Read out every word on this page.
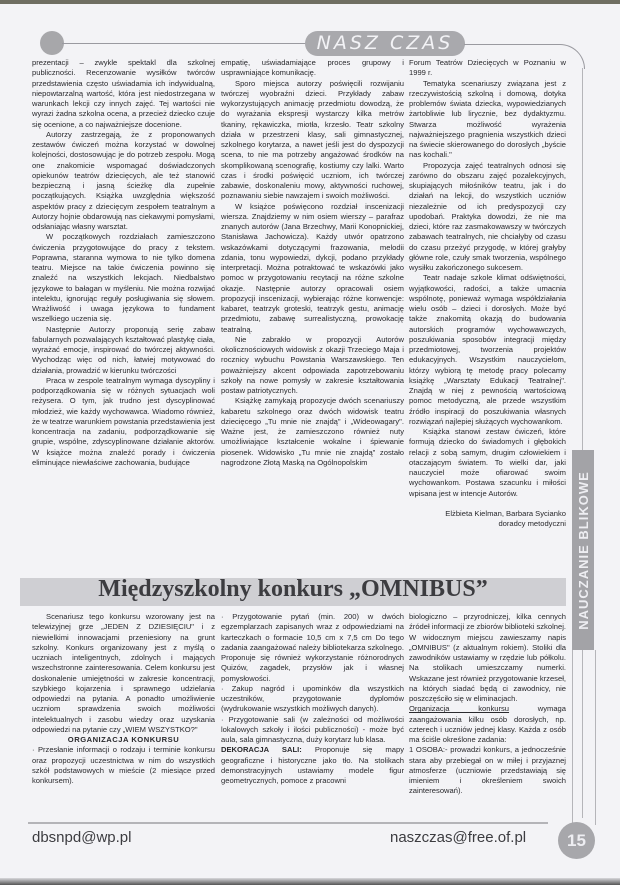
NASZ CZAS
NAUCZANIE BLIKOWE

prezentacji – zwykle spektakl dla szkolnej publiczności. Recenzowanie wysiłków twórców przedstawienia często uświadamia ich indywidualną, niepowtarzalną wartość, która jest niedostrzegana w warunkach lekcji czy innych zajęć. Tej wartości nie wyrazi żadna szkolna ocena, a przecież dziecko czuje się ocenione, a co najważniejsze docenione.

Autorzy zastrzegają, że z proponowanych zestawów ćwiczeń można korzystać w dowolnej kolejności, dostosowując je do potrzeb zespołu. Mogą one znakomicie wspomagać doświadczonych opiekunów teatrów dziecięcych, ale też stanowić bezpieczną i jasną ścieżkę dla zupełnie początkujących. Książka uwzględnia większość aspektów pracy z dziecięcym zespołem teatralnym a Autorzy hojnie obdarowują nas ciekawymi pomysłami, odsłaniając własny warsztat.

W początkowych rozdziałach zamieszczono ćwiczenia przygotowujące do pracy z tekstem. Poprawna, staranna wymowa to nie tylko domena teatru. Miejsce na takie ćwiczenia powinno się znaleźć na wszystkich lekcjach. Niedbalstwo językowe to bałagan w myśleniu. Nie można rozwijać intelektu, ignorując reguły posługiwania się słowem. Wrażliwość i uwaga językowa to fundament wszelkiego uczenia się.

Następnie Autorzy proponują serię zabaw fabularnych pozwalających kształtować plastykę ciała, wyrażać emocje, inspirować do twórczej aktywności. Wychodząc więc od nich, łatwiej motywować do działania, prowadzić w kierunku twórczości

Praca w zespole teatralnym wymaga dyscypliny i podporządkowania się w różnych sytuacjach woli reżysera. O tym, jak trudno jest dyscyplinować młodzież, wie każdy wychowawca. Wiadomo również, że w teatrze warunkiem powstania przedstawienia jest koncentracja na zadaniu, podporządkowanie się grupie, wspólne, zdyscyplinowane działanie aktorów. W książce można znaleźć porady i ćwiczenia eliminujące niewłaściwe zachowania, budujące

empatię, uświadamiające proces grupowy i usprawniające komunikację.

Sporo miejsca autorzy poświęcili rozwijaniu twórczej wyobraźni dzieci. Przykłady zabaw wykorzystujących animację przedmiotu dowodzą, że do wyrażania ekspresji wystarczy kilka metrów tkaniny, rękawiczka, miotła, krzesło. Teatr szkolny działa w przestrzeni klasy, sali gimnastycznej, szkolnego korytarza, a nawet jeśli jest do dyspozycji scena, to nie ma potrzeby angażować środków na skomplikowaną scenografię, kostiumy czy lalki. Warto czas i środki poświęcić uczniom, ich twórczej zabawie, doskonaleniu mowy, aktywności ruchowej, poznawaniu siebie nawzajem i swoich możliwości.

W książce poświęcono rozdział inscenizacji wiersza. Znajdziemy w nim osiem wierszy – parafraz znanych autorów (Jana Brzechwy, Marii Konopnickiej, Stanisława Jachowicza). Każdy utwór opatrzono wskazówkami dotyczącymi frazowania, melodii zdania, tonu wypowiedzi, dykcji, podano przykłady interpretacji. Można potraktować te wskazówki jako pomoc w przygotowaniu recytacji na różne szkolne okazje. Następnie autorzy opracowali osiem propozycji inscenizacji, wybierając różne konwencje: kabaret, teatrzyk groteski, teatrzyk gestu, animację przedmiotu, zabawę surrealistyczną, prowokację teatralną.

Nie zabrakło w propozycji Autorów okolicznościowych widowisk z okazji Trzeciego Maja i rocznicy wybuchu Powstania Warszawskiego. Ten poważniejszy akcent odpowiada zapotrzebowaniu szkoły na nowe pomysły w zakresie kształtowania postaw patriotycznych.

Książkę zamykają propozycje dwóch scenariuszy kabaretu szkolnego oraz dwóch widowisk teatru dziecięcego „Tu mnie nie znajdą" i „Wideowagary". Ważne jest, że zamieszczono również nuty umożliwiające kształcenie wokalne i śpiewanie piosenek. Widowisko „Tu mnie nie znajdą" zostało nagrodzone Złotą Maską na Ogólnopolskim

Forum Teatrów Dziecięcych w Poznaniu w 1999 r.

Tematyka scenariuszy związana jest z rzeczywistością szkolną i domową, dotyka problemów świata dziecka, wypowiedzianych żartobliwie lub lirycznie, bez dydaktyzmu. Stwarza możliwość wyrażenia najważniejszego pragnienia wszystkich dzieci na świecie skierowanego do dorosłych „byście nas kochali."

Propozycja zajęć teatralnych odnosi się zarówno do obszaru zajęć pozalekcyjnych, skupiających miłośników teatru, jak i do działań na lekcji, do wszystkich uczniów niezależnie od ich predyspozycji czy upodobań. Praktyka dowodzi, że nie ma dzieci, które raz zasmakowawszy w twórczych zabawach teatralnych, nie chciałyby od czasu do czasu przeżyć przygodę, w której grałyby główne role, czuły smak tworzenia, wspólnego wysiłku zakończonego sukcesem.

Teatr nadaje szkole klimat odświętności, wyjątkowości, radości, a także umacnia wspólnotę, ponieważ wymaga współdziałania wielu osób – dzieci i dorosłych. Może być także znakomitą okazją do budowania autorskich programów wychowawczych, poszukiwania sposobów integracji między przedmiotowej, tworzenia projektów edukacyjnych. Wszystkim nauczycielom, którzy wybiorą tę metodę pracy polecamy książkę „Warsztaty Edukacji Teatralnej". Znajdą w niej z pewnością wartościową pomoc metodyczną, ale przede wszystkim źródło inspiracji do poszukiwania własnych rozwiązań najlepiej służących wychowankom.

Książka stanowi zestaw ćwiczeń, które formują dziecko do świadomych i głębokich relacji z sobą samym, drugim człowiekiem i otaczającym światem. To wielki dar, jaki nauczyciel może ofiarować swoim wychowankom. Postawa szacunku i miłości wpisana jest w intencje Autorów.

Elżbieta Kielman, Barbara Sycianko

doradcy metodyczni

Międzyszkolny konkurs „OMNIBUS”

Scenariusz tego konkursu wzorowany jest na telewizyjnej grze „JEDEN Z DZIESIĘCIU" i z niewielkimi innowacjami przeniesiony na grunt szkolny. Konkurs organizowany jest z myślą o uczniach inteligentnych, zdolnych i mających wszechstronne zainteresowania. Celem konkursu jest doskonalenie umiejętności w zakresie koncentracji, szybkiego kojarzenia i sprawnego udzielania odpowiedzi na pytania. A ponadto umożliwienie uczniom sprawdzenia swoich możliwości intelektualnych i zasobu wiedzy oraz uzyskania odpowiedzi na pytanie czy „WIEM WSZYSTKO?"

ORGANIZACJA KONKURSU

· Przesłanie informacji o rodzaju i terminie konkursu oraz propozycji uczestnictwa w nim do wszystkich szkół podstawowych w mieście (2 miesiące przed konkursem).

· Przygotowanie pytań (min. 200) w dwóch egzemplarzach zapisanych wraz z odpowiedziami na karteczkach o formacie 10,5 cm x 7,5 cm Do tego zadania zaangażować należy bibliotekarza szkolnego. Proponuje się również wykorzystanie różnorodnych Quizów, zagadek, przysłów jak i własnej pomysłowości.

· Zakup nagród i upominków dla wszystkich uczestników, przygotowanie dyplomów (wydrukowanie wszystkich możliwych danych).

· Przygotowanie sali (w zależności od możliwości lokalowych szkoły i ilości publiczności) - może być aula, sala gimnastyczna, duży korytarz lub klasa.

DEKORACJA SALI: Proponuje się mapy geograficzne i historyczne jako tło. Na stolikach demonstracyjnych ustawiamy modele figur geometrycznych, pomoce z pracowni

biologiczno – przyrodniczej, kilka cennych źródeł informacji ze zbiorów biblioteki szkolnej. W widocznym miejscu zawieszamy napis „OMNIBUS" (z aktualnym rokiem). Stoliki dla zawodników ustawiamy w rzędzie lub półkolu. Na stolikach umieszczamy numerki. Wskazane jest również przygotowanie krzeseł, na których siadać będą ci zawodnicy, nie poszczęściło się w eliminacjach.

Organizacja konkursu wymaga zaangażowania kilku osób dorosłych, np. czterech i uczniów jednej klasy. Każda z osób ma ściśle określone zadania:

1 OSOBA:- prowadzi konkurs, a jednocześnie stara aby przebiegał on w miłej i przyjaznej atmosferze (uczniowie przedstawiają się imieniem i określeniem swoich zainteresowań).

dbsnpd@wp.pl	naszczas@free.of.pl	15
